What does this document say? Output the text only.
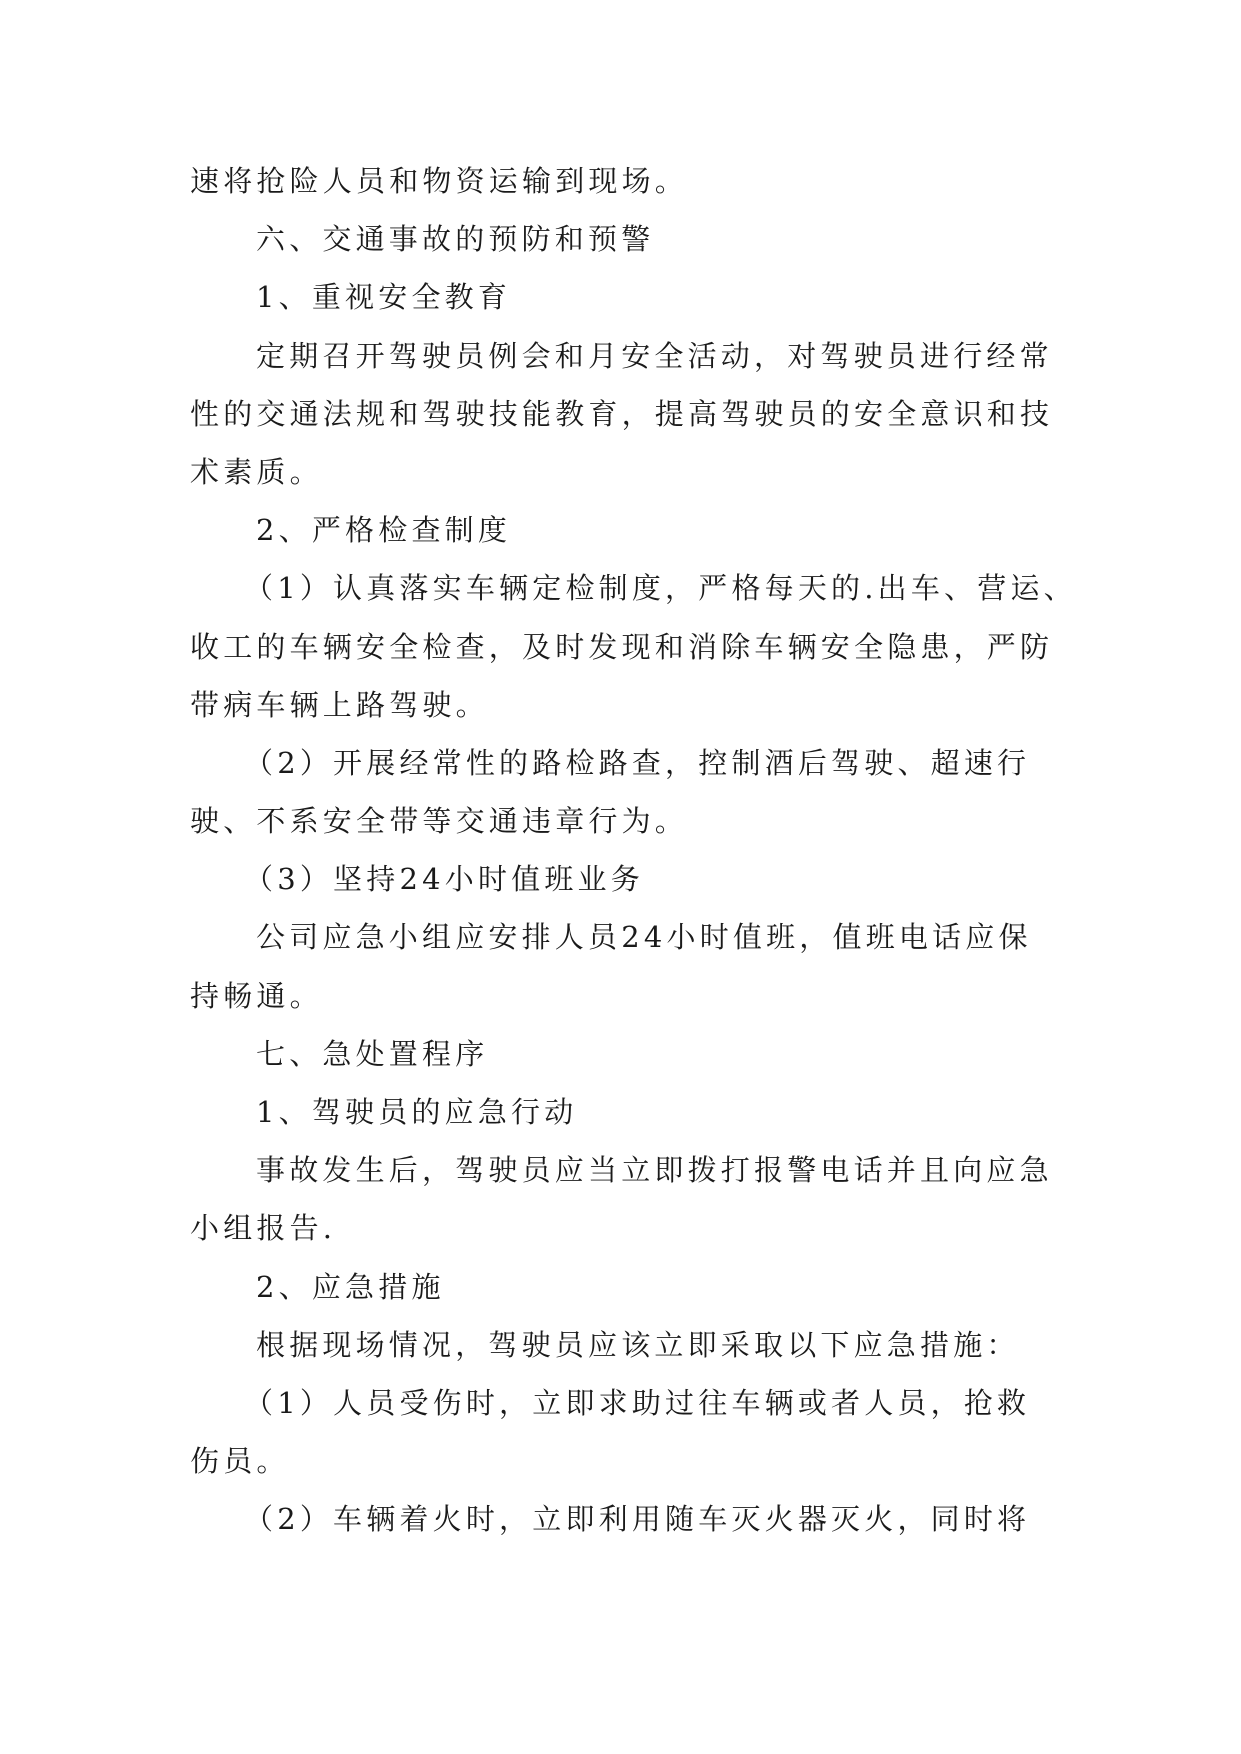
速将抢险人员和物资运输到现场。
六、交通事故的预防和预警
1、重视安全教育
定期召开驾驶员例会和月安全活动，对驾驶员进行经常
性的交通法规和驾驶技能教育，提高驾驶员的安全意识和技
术素质。
2、严格检查制度
（1）认真落实车辆定检制度，严格每天的.出车、营运、
收工的车辆安全检查，及时发现和消除车辆安全隐患，严防
带病车辆上路驾驶。
（2）开展经常性的路检路查，控制酒后驾驶、超速行
驶、不系安全带等交通违章行为。
（3）坚持24小时值班业务
公司应急小组应安排人员24小时值班，值班电话应保
持畅通。
七、急处置程序
1、驾驶员的应急行动
事故发生后，驾驶员应当立即拨打报警电话并且向应急
小组报告.
2、应急措施
根据现场情况，驾驶员应该立即采取以下应急措施：
（1）人员受伤时，立即求助过往车辆或者人员，抢救
伤员。
（2）车辆着火时，立即利用随车灭火器灭火，同时将
